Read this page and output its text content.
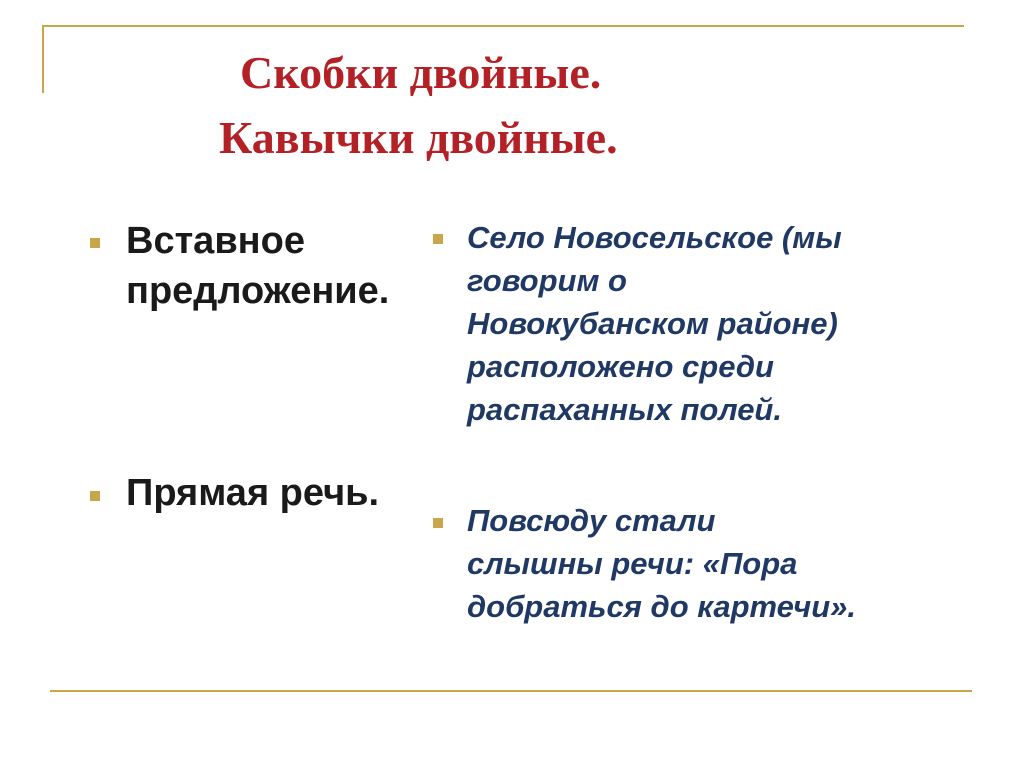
Скобки двойные.
Кавычки двойные.
Вставное
предложение.
Прямая речь.
Село Новосельское (мы
говорим о
Новокубанском районе)
расположено среди
распаханных полей.
Повсюду стали
слышны речи: «Пора
добраться до картечи».
